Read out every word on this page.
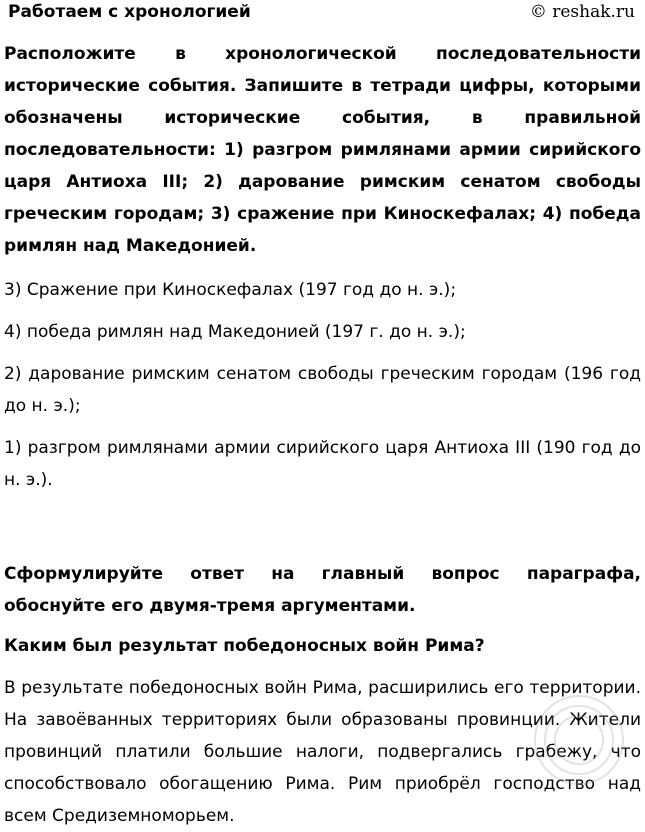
Работаем с хронологией	© reshak.ru
Расположите в хронологической последовательности исторические события. Запишите в тетради цифры, которыми обозначены исторические события, в правильной последовательности: 1) разгром римлянами армии сирийского царя Антиоха III; 2) дарование римским сенатом свободы греческим городам; 3) сражение при Киноскефалах; 4) победа римлян над Македонией.
3) Сражение при Киноскефалах (197 год до н. э.);
4) победа римлян над Македонией (197 г. до н. э.);
2) дарование римским сенатом свободы греческим городам (196 год до н. э.);
1) разгром римлянами армии сирийского царя Антиоха III (190 год до н. э.).
Сформулируйте ответ на главный вопрос параграфа, обоснуйте его двумя-тремя аргументами.
Каким был результат победоносных войн Рима?
В результате победоносных войн Рима, расширились его территории. На завоёванных территориях были образованы провинции. Жители провинций платили большие налоги, подвергались грабежу, что способствовало обогащению Рима. Рим приобрёл господство над всем Средиземноморьем.
